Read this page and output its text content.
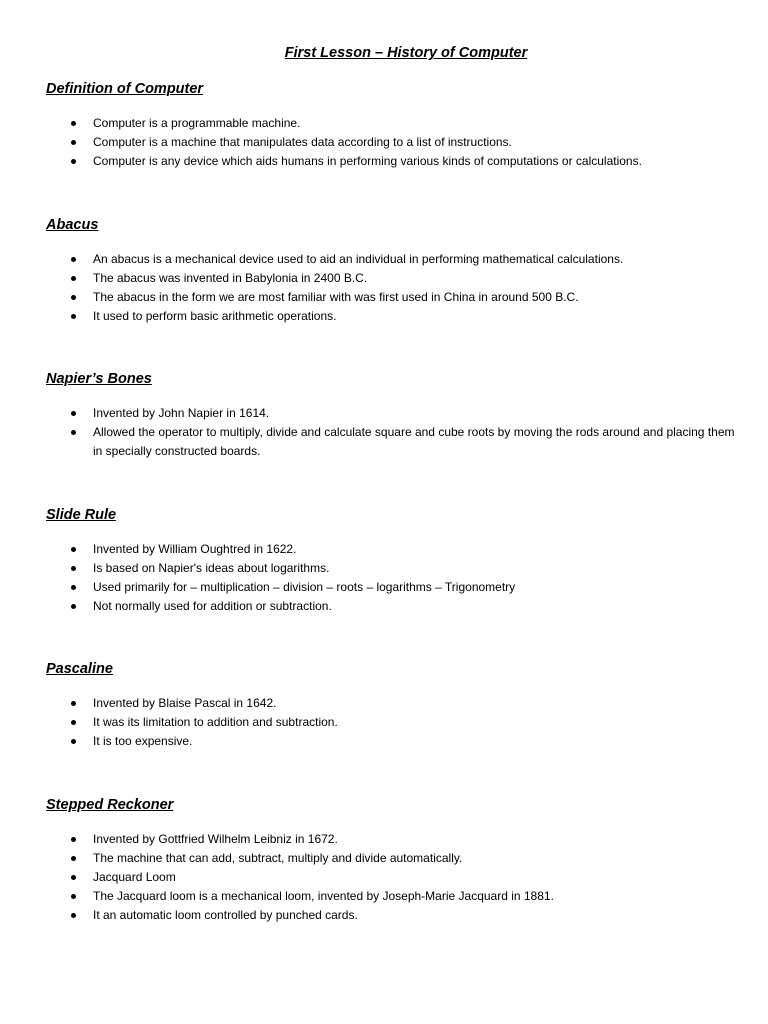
First Lesson – History of Computer
Definition of Computer
Computer is a programmable machine.
Computer is a machine that manipulates data according to a list of instructions.
Computer is any device which aids humans in performing various kinds of computations or calculations.
Abacus
An abacus is a mechanical device used to aid an individual in performing mathematical calculations.
The abacus was invented in Babylonia in 2400 B.C.
The abacus in the form we are most familiar with was first used in China in around 500 B.C.
It used to perform basic arithmetic operations.
Napier’s Bones
Invented by John Napier in 1614.
Allowed the operator to multiply, divide and calculate square and cube roots by moving the rods around and placing them in specially constructed boards.
Slide Rule
Invented by William Oughtred in 1622.
Is based on Napier's ideas about logarithms.
Used primarily for – multiplication – division – roots – logarithms – Trigonometry
Not normally used for addition or subtraction.
Pascaline
Invented by Blaise Pascal in 1642.
It was its limitation to addition and subtraction.
It is too expensive.
Stepped Reckoner
Invented by Gottfried Wilhelm Leibniz in 1672.
The machine that can add, subtract, multiply and divide automatically.
Jacquard Loom
The Jacquard loom is a mechanical loom, invented by Joseph-Marie Jacquard in 1881.
It an automatic loom controlled by punched cards.
